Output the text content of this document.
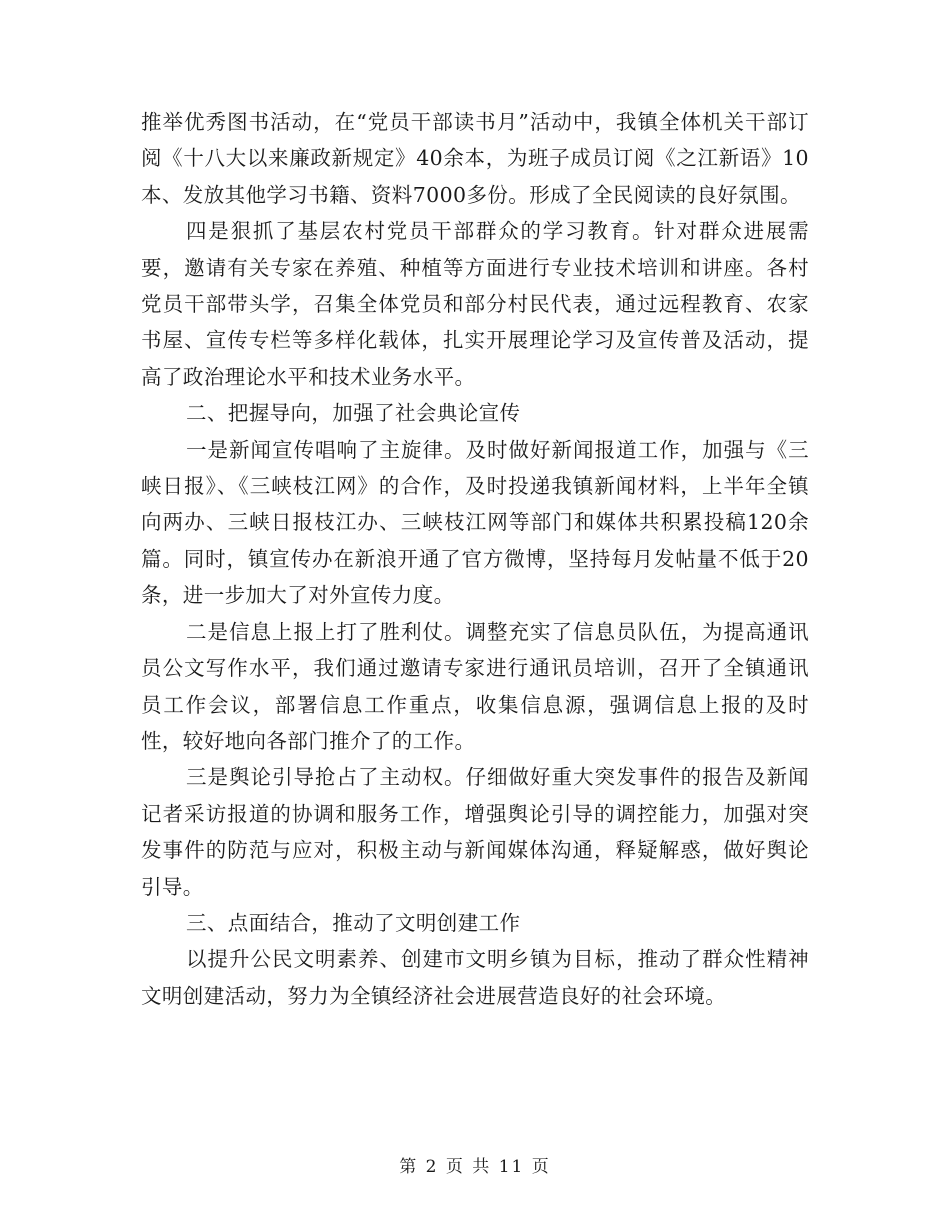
推举优秀图书活动，在“党员干部读书月”活动中，我镇全体机关干部订阅《十八大以来廉政新规定》40余本，为班子成员订阅《之江新语》10本、发放其他学习书籍、资料7000多份。形成了全民阅读的良好氛围。

四是狠抓了基层农村党员干部群众的学习教育。针对群众进展需要，邀请有关专家在养殖、种植等方面进行专业技术培训和讲座。各村党员干部带头学，召集全体党员和部分村民代表，通过远程教育、农家书屋、宣传专栏等多样化载体，扎实开展理论学习及宣传普及活动，提高了政治理论水平和技术业务水平。

二、把握导向，加强了社会典论宣传

一是新闻宣传唱响了主旋律。及时做好新闻报道工作，加强与《三峡日报》、《三峡枝江网》的合作，及时投递我镇新闻材料，上半年全镇向两办、三峡日报枝江办、三峡枝江网等部门和媒体共积累投稿120余篇。同时，镇宣传办在新浪开通了官方微博，坚持每月发帖量不低于20条，进一步加大了对外宣传力度。

二是信息上报上打了胜利仗。调整充实了信息员队伍，为提高通讯员公文写作水平，我们通过邀请专家进行通讯员培训，召开了全镇通讯员工作会议，部署信息工作重点，收集信息源，强调信息上报的及时性，较好地向各部门推介了的工作。

三是舆论引导抢占了主动权。仔细做好重大突发事件的报告及新闻记者采访报道的协调和服务工作，增强舆论引导的调控能力，加强对突发事件的防范与应对，积极主动与新闻媒体沟通，释疑解惑，做好舆论引导。

三、点面结合，推动了文明创建工作

以提升公民文明素养、创建市文明乡镇为目标，推动了群众性精神文明创建活动，努力为全镇经济社会进展营造良好的社会环境。

第 2 页 共 11 页
